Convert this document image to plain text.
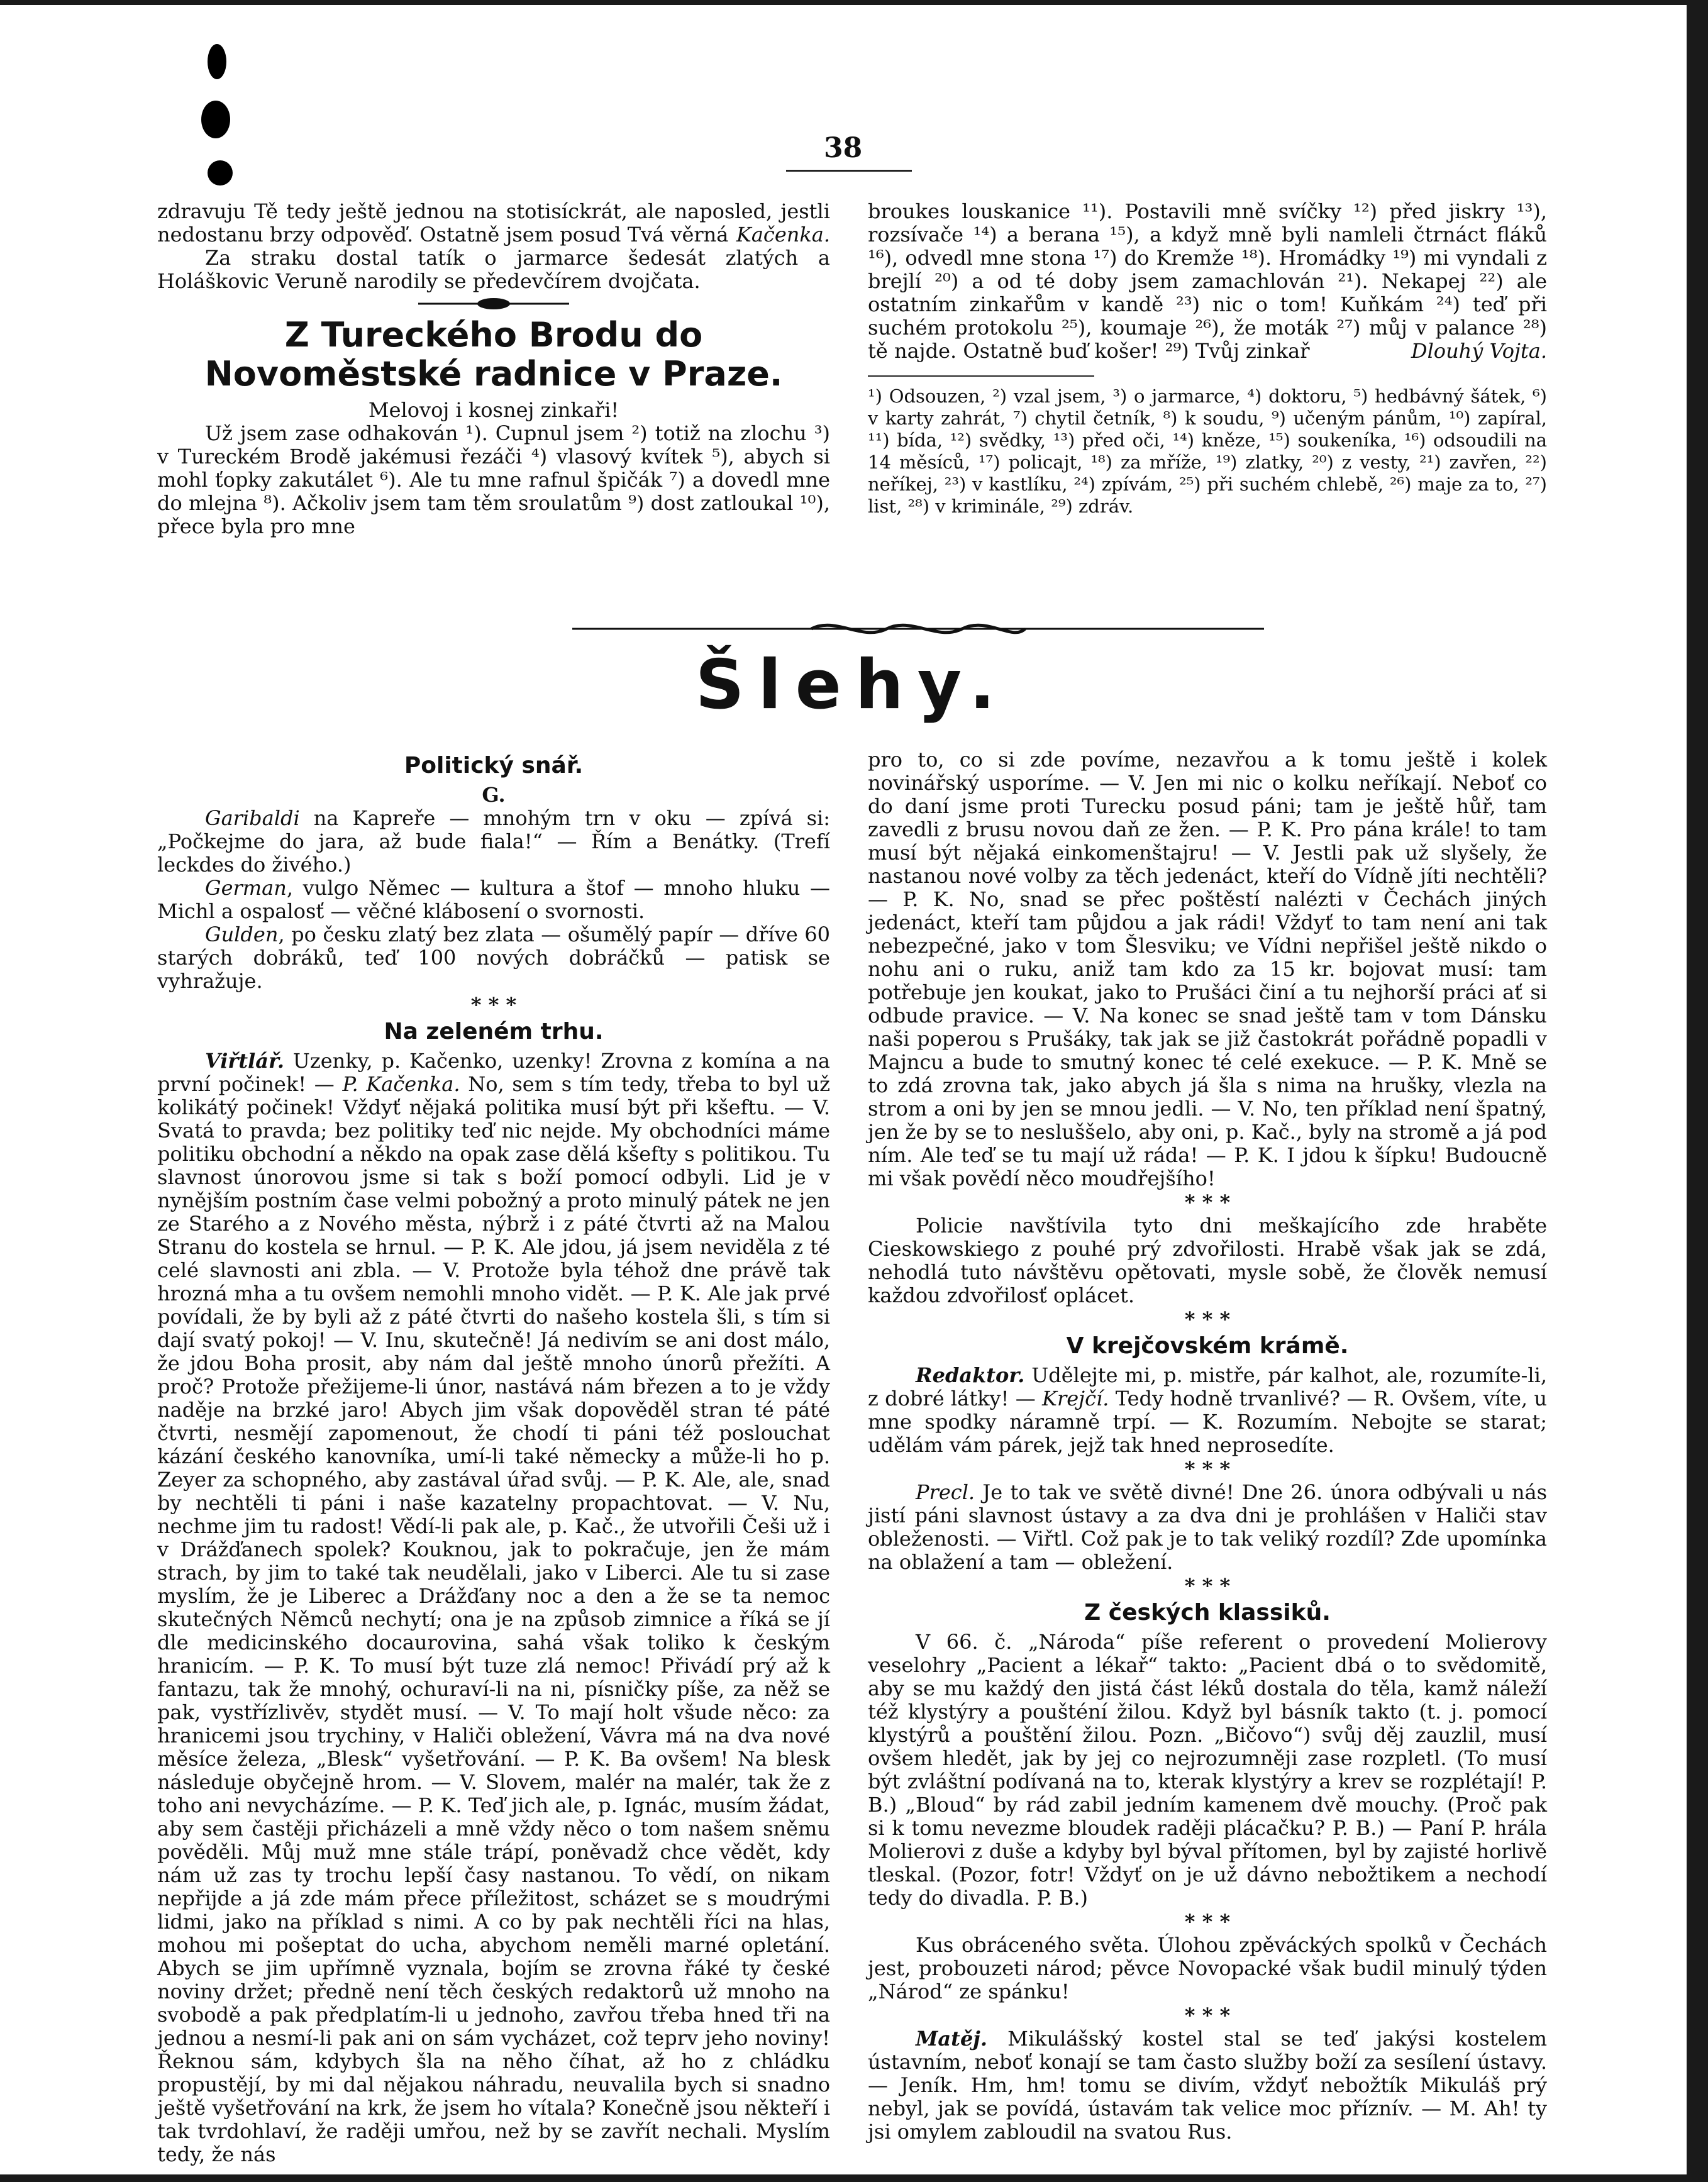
38

zdravuju Tě tedy ještě jednou na stotisíckrát, ale naposled, jestli nedostanu brzy odpověď. Ostatně jsem posud Tvá věrná Kačenka.

Za straku dostal tatík o jarmarce šedesát zlatých a Holáškovic Veruně narodily se předevčírem dvojčata.

Z Tureckého Brodu do Novoměstské radnice v Praze.

Melovoj i kosnej zinkaři!

Už jsem zase odhakován ¹). Cupnul jsem ²) totiž na zlochu ³) v Tureckém Brodě jakémusi řezáči ⁴) vlasový kvítek ⁵), abych si mohl ťopky zakutálet ⁶). Ale tu mne rafnul špičák ⁷) a dovedl mne do mlejna ⁸). Ačkoliv jsem tam těm sroulatům ⁹) dost zatloukal ¹⁰), přece byla pro mne

broukes louskanice ¹¹). Postavili mně svíčky ¹²) před jiskry ¹³), rozsívače ¹⁴) a berana ¹⁵), a když mně byli namleli čtrnáct fláků ¹⁶), odvedl mne stona ¹⁷) do Kremže ¹⁸). Hromádky ¹⁹) mi vyndali z brejlí ²⁰) a od té doby jsem zamachlován ²¹). Nekapej ²²) ale ostatním zinkařům v kandě ²³) nic o tom! Kuňkám ²⁴) teď při suchém protokolu ²⁵), koumaje ²⁶), že moták ²⁷) můj v palance ²⁸) tě najde. Ostatně buď košer! ²⁹) Tvůj zinkař	Dlouhý Vojta.

¹) Odsouzen, ²) vzal jsem, ³) o jarmarce, ⁴) doktoru, ⁵) hedbávný šátek, ⁶) v karty zahrát, ⁷) chytil četník, ⁸) k soudu, ⁹) učeným pánům, ¹⁰) zapíral, ¹¹) bída, ¹²) svědky, ¹³) před oči, ¹⁴) kněze, ¹⁵) soukeníka, ¹⁶) odsoudili na 14 měsíců, ¹⁷) policajt, ¹⁸) za mříže, ¹⁹) zlatky, ²⁰) z vesty, ²¹) zavřen, ²²) neříkej, ²³) v kastlíku, ²⁴) zpívám, ²⁵) při suchém chlebě, ²⁶) maje za to, ²⁷) list, ²⁸) v kriminále, ²⁹) zdráv.

Šlehy.
Politický snář.

G.

Garibaldi na Kapreře — mnohým trn v oku — zpívá si: „Počkejme do jara, až bude fiala!“ — Řím a Benátky. (Trefí leckdes do živého.)

German, vulgo Němec — kultura a štof — mnoho hluku — Michl a ospalosť — věčné klábosení o svornosti.

Gulden, po česku zlatý bez zlata — ošumělý papír — dříve 60 starých dobráků, teď 100 nových dobráčků — patisk se vyhražuje.

* * *
Na zeleném trhu.

Viřtlář. Uzenky, p. Kačenko, uzenky! Zrovna z komína a na první počinek! — P. Kačenka. No, sem s tím tedy, třeba to byl už kolikátý počinek! Vždyť nějaká politika musí být při kšeftu. — V. Svatá to pravda; bez politiky teď nic nejde. My obchodníci máme politiku obchodní a někdo na opak zase dělá kšefty s politikou. Tu slavnost únorovou jsme si tak s boží pomocí odbyli. Lid je v nynějším postním čase velmi pobožný a proto minulý pátek ne jen ze Starého a z Nového města, nýbrž i z páté čtvrti až na Malou Stranu do kostela se hrnul. — P. K. Ale jdou, já jsem neviděla z té celé slavnosti ani zbla. — V. Protože byla téhož dne právě tak hrozná mha a tu ovšem nemohli mnoho vidět. — P. K. Ale jak prvé povídali, že by byli až z páté čtvrti do našeho kostela šli, s tím si dají svatý pokoj! — V. Inu, skutečně! Já nedivím se ani dost málo, že jdou Boha prosit, aby nám dal ještě mnoho únorů přežíti. A proč? Protože přežijeme-li únor, nastává nám březen a to je vždy naděje na brzké jaro! Abych jim však dopověděl stran té páté čtvrti, nesmějí zapomenout, že chodí ti páni též poslouchat kázání českého kanovníka, umí-li také německy a může-li ho p. Zeyer za schopného, aby zastával úřad svůj. — P. K. Ale, ale, snad by nechtěli ti páni i naše kazatelny propachtovat. — V. Nu, nechme jim tu radost! Vědí-li pak ale, p. Kač., že utvořili Češi už i v Drážďanech spolek? Kouknou, jak to pokračuje, jen že mám strach, by jim to také tak neudělali, jako v Liberci. Ale tu si zase myslím, že je Liberec a Drážďany noc a den a že se ta nemoc skutečných Němců nechytí; ona je na způsob zimnice a říká se jí dle medicinského docaurovina, sahá však toliko k českým hranicím. — P. K. To musí být tuze zlá nemoc! Přivádí prý až k fantazu, tak že mnohý, ochuraví-li na ni, písničky píše, za něž se pak, vystřízlivěv, stydět musí. — V. To mají holt všude něco: za hranicemi jsou trychiny, v Haliči obležení, Vávra má na dva nové měsíce železa, „Blesk“ vyšetřování. — P. K. Ba ovšem! Na blesk následuje obyčejně hrom. — V. Slovem, malér na malér, tak že z toho ani nevycházíme. — P. K. Teď jich ale, p. Ignác, musím žádat, aby sem častěji přicházeli a mně vždy něco o tom našem sněmu pověděli. Můj muž mne stále trápí, poněvadž chce vědět, kdy nám už zas ty trochu lepší časy nastanou. To vědí, on nikam nepřijde a já zde mám přece příležitost, scházet se s moudrými lidmi, jako na příklad s nimi. A co by pak nechtěli říci na hlas, mohou mi pošeptat do ucha, abychom neměli marné opletání. Abych se jim upřímně vyznala, bojím se zrovna řáké ty české noviny držet; předně není těch českých redaktorů už mnoho na svobodě a pak předplatím-li u jednoho, zavřou třeba hned tři na jednou a nesmí-li pak ani on sám vycházet, což teprv jeho noviny! Řeknou sám, kdybych šla na něho číhat, až ho z chládku propustějí, by mi dal nějakou náhradu, neuvalila bych si snadno ještě vyšetřování na krk, že jsem ho vítala? Konečně jsou někteří i tak tvrdohlaví, že raději umřou, než by se zavřít nechali. Myslím tedy, že nás

pro to, co si zde povíme, nezavřou a k tomu ještě i kolek novinářský usporíme. — V. Jen mi nic o kolku neříkají. Neboť co do daní jsme proti Turecku posud páni; tam je ještě hůř, tam zavedli z brusu novou daň ze žen. — P. K. Pro pána krále! to tam musí být nějaká einkomenštajru! — V. Jestli pak už slyšely, že nastanou nové volby za těch jedenáct, kteří do Vídně jíti nechtěli? — P. K. No, snad se přec poštěstí nalézti v Čechách jiných jedenáct, kteří tam půjdou a jak rádi! Vždyť to tam není ani tak nebezpečné, jako v tom Šlesviku; ve Vídni nepřišel ještě nikdo o nohu ani o ruku, aniž tam kdo za 15 kr. bojovat musí: tam potřebuje jen koukat, jako to Prušáci činí a tu nejhorší práci ať si odbude pravice. — V. Na konec se snad ještě tam v tom Dánsku naši poperou s Prušáky, tak jak se již častokrát pořádně popadli v Majncu a bude to smutný konec té celé exekuce. — P. K. Mně se to zdá zrovna tak, jako abych já šla s nima na hrušky, vlezla na strom a oni by jen se mnou jedli. — V. No, ten příklad není špatný, jen že by se to nesluššelo, aby oni, p. Kač., byly na stromě a já pod ním. Ale teď se tu mají už ráda! — P. K. I jdou k šípku! Budoucně mi však povědí něco moudřejšího!

* * *

Policie navštívila tyto dni meškajícího zde hraběte Cieskowskiego z pouhé prý zdvořilosti. Hrabě však jak se zdá, nehodlá tuto návštěvu opětovati, mysle sobě, že člověk nemusí každou zdvořilosť oplácet.

* * *
V krejčovském krámě.

Redaktor. Udělejte mi, p. mistře, pár kalhot, ale, rozumíte-li, z dobré látky! — Krejčí. Tedy hodně trvanlivé? — R. Ovšem, víte, u mne spodky náramně trpí. — K. Rozumím. Nebojte se starat; udělám vám párek, jejž tak hned neprosedíte.

* * *

Precl. Je to tak ve světě divné! Dne 26. února odbývali u nás jistí páni slavnost ústavy a za dva dni je prohlášen v Haliči stav obleženosti. — Viřtl. Což pak je to tak veliký rozdíl? Zde upomínka na oblažení a tam — obležení.

* * *
Z českých klassiků.

V 66. č. „Národa“ píše referent o provedení Molierovy veselohry „Pacient a lékař“ takto: „Pacient dbá o to svědomitě, aby se mu každý den jistá část léků dostala do těla, kamž náleží též klystýry a poušténí žilou. Když byl básník takto (t. j. pomocí klystýrů a pouštění žilou. Pozn. „Bičovo“) svůj děj zauzlil, musí ovšem hledět, jak by jej co nejrozumněji zase rozpletl. (To musí být zvláštní podívaná na to, kterak klystýry a krev se rozplétají! P. B.) „Bloud“ by rád zabil jedním kamenem dvě mouchy. (Proč pak si k tomu nevezme bloudek raději plácačku? P. B.) — Paní P. hrála Molierovi z duše a kdyby byl býval přítomen, byl by zajisté horlivě tleskal. (Pozor, fotr! Vždyť on je už dávno nebožtikem a nechodí tedy do divadla. P. B.)

* * *

Kus obráceného světa. Úlohou zpěváckých spolků v Čechách jest, probouzeti národ; pěvce Novopacké však budil minulý týden „Národ“ ze spánku!

* * *

Matěj. Mikulášský kostel stal se teď jakýsi kostelem ústavním, neboť konají se tam často služby boží za sesílení ústavy. — Jeník. Hm, hm! tomu se divím, vždyť nebožtík Mikuláš prý nebyl, jak se povídá, ústavám tak velice moc příznív. — M. Ah! ty jsi omylem zabloudil na svatou Rus.
